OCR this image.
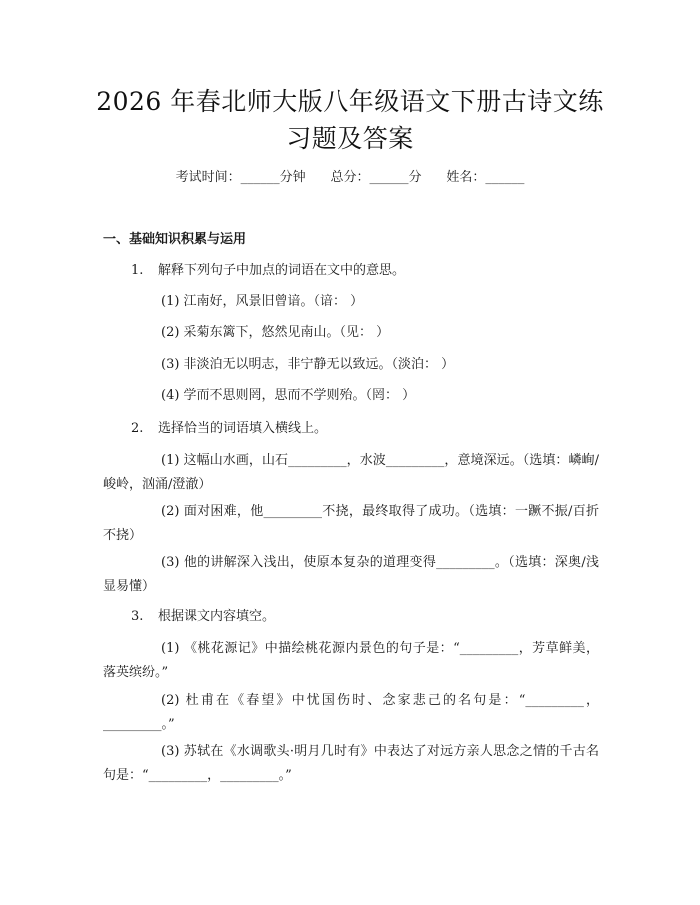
2026 年春北师大版八年级语文下册古诗文练
习题及答案
考试时间：______分钟 总分：______分 姓名：______
一、基础知识积累与运用
1. 解释下列句子中加点的词语在文中的意思。
(1) 江南好，风景旧曾谙。（谙： ）
(2) 采菊东篱下，悠然见南山。（见： ）
(3) 非淡泊无以明志，非宁静无以致远。（淡泊： ）
(4) 学而不思则罔，思而不学则殆。（罔： ）
2. 选择恰当的词语填入横线上。
(1) 这幅山水画，山石_________，水波_________，意境深远。（选填：嶙峋/峻岭，汹涌/澄澈）
(2) 面对困难，他_________不挠，最终取得了成功。（选填：一蹶不振/百折不挠）
(3) 他的讲解深入浅出，使原本复杂的道理变得_________。（选填：深奥/浅显易懂）
3. 根据课文内容填空。
(1) 《桃花源记》中描绘桃花源内景色的句子是：“_________，芳草鲜美，落英缤纷。”
(2) 杜甫在《春望》中忧国伤时、念家悲己的名句是：“_________，_________。”
(3) 苏轼在《水调歌头·明月几时有》中表达了对远方亲人思念之情的千古名句是：“_________，_________。”
